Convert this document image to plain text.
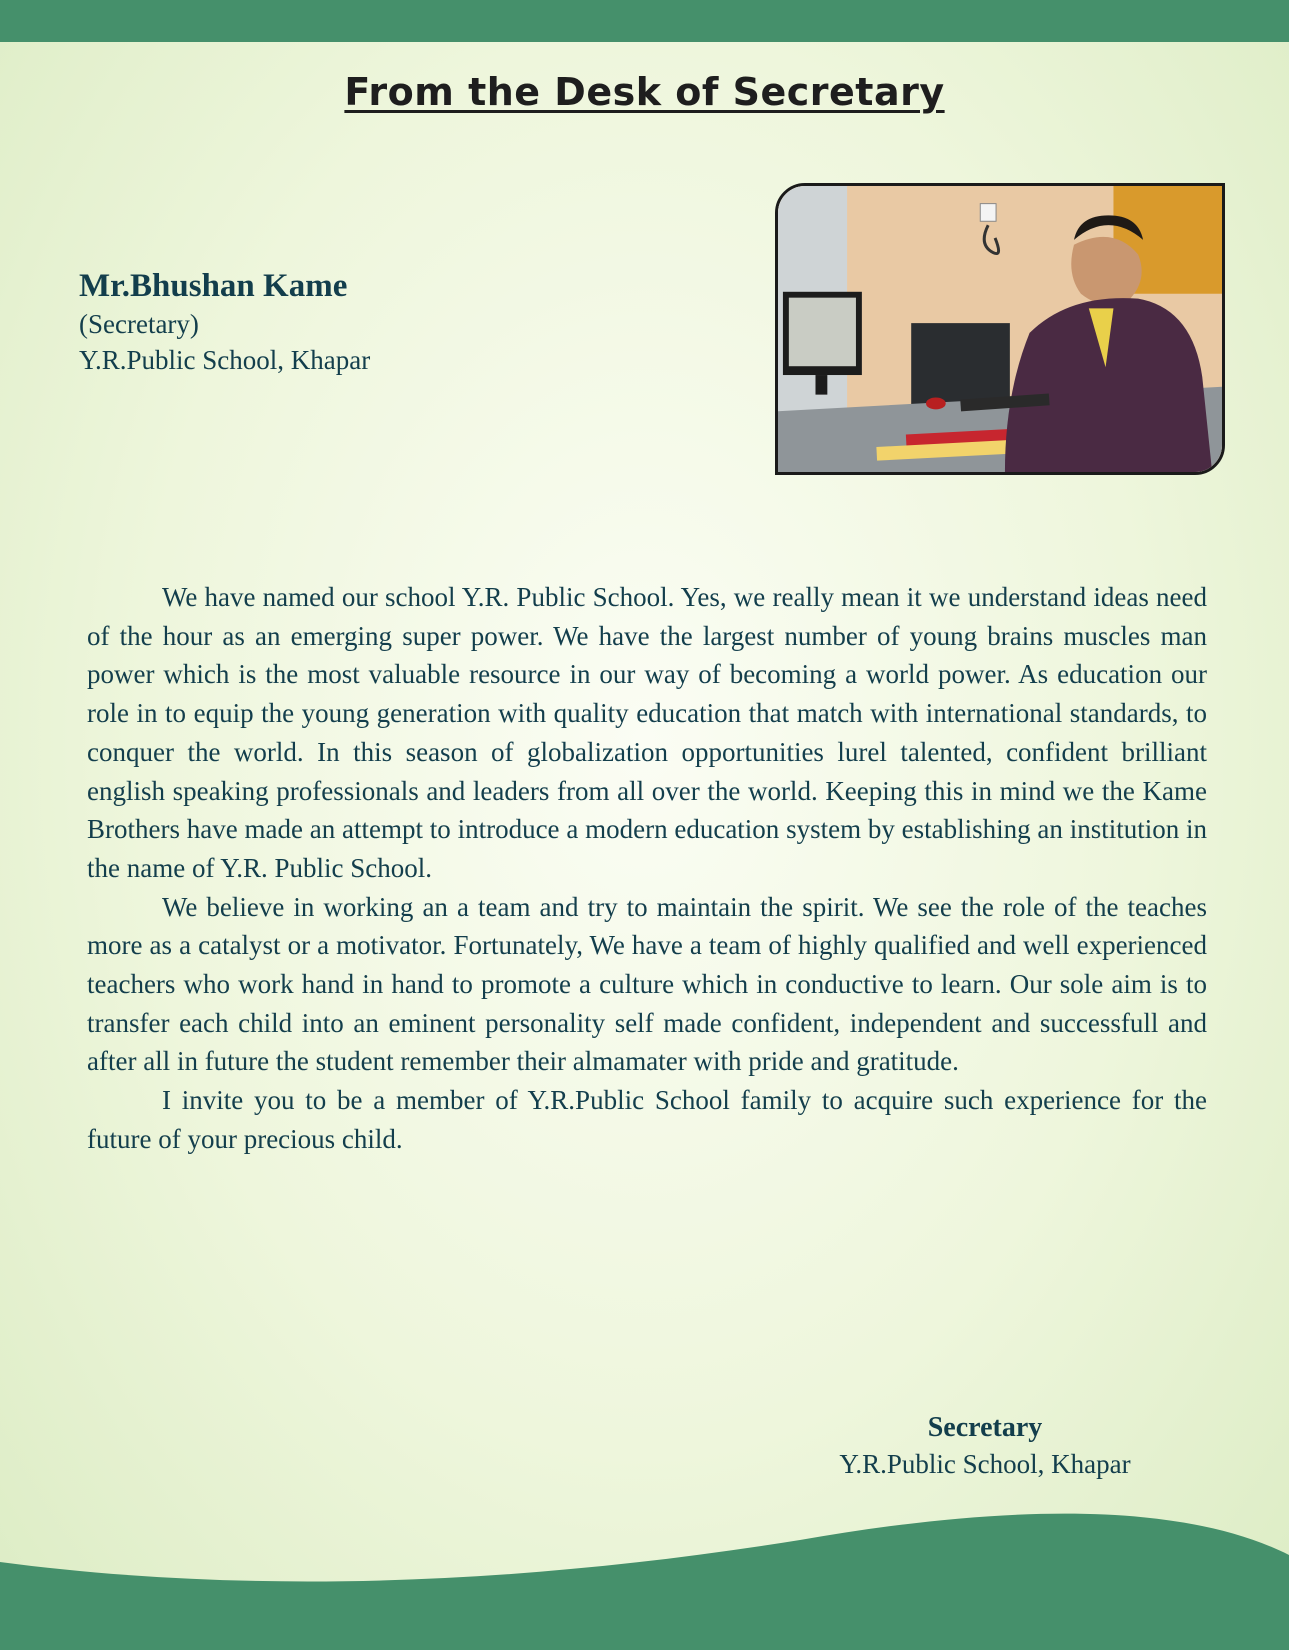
From the Desk of Secretary
Mr.Bhushan Kame
(Secretary)
Y.R.Public School, Khapar

We have named our school Y.R. Public School. Yes, we really mean it we understand ideas need of the hour as an emerging super power. We have the largest number of young brains muscles man power which is the most valuable resource in our way of becoming a world power. As education our role in to equip the young generation with quality education that match with international standards, to conquer the world. In this season of globalization opportunities lurel talented, confident brilliant english speaking professionals and leaders from all over the world. Keeping this in mind we the Kame Brothers have made an attempt to introduce a modern education system by establishing an institution in the name of Y.R. Public School.

We believe in working an a team and try to maintain the spirit. We see the role of the teaches more as a catalyst or a motivator. Fortunately, We have a team of highly qualified and well experienced teachers who work hand in hand to promote a culture which in conductive to learn. Our sole aim is to transfer each child into an eminent personality self made confident, independent and successfull and after all in future the student remember their almamater with pride and gratitude.

I invite you to be a member of Y.R.Public School family to acquire such experience for the future of your precious child.

Secretary
Y.R.Public School, Khapar
